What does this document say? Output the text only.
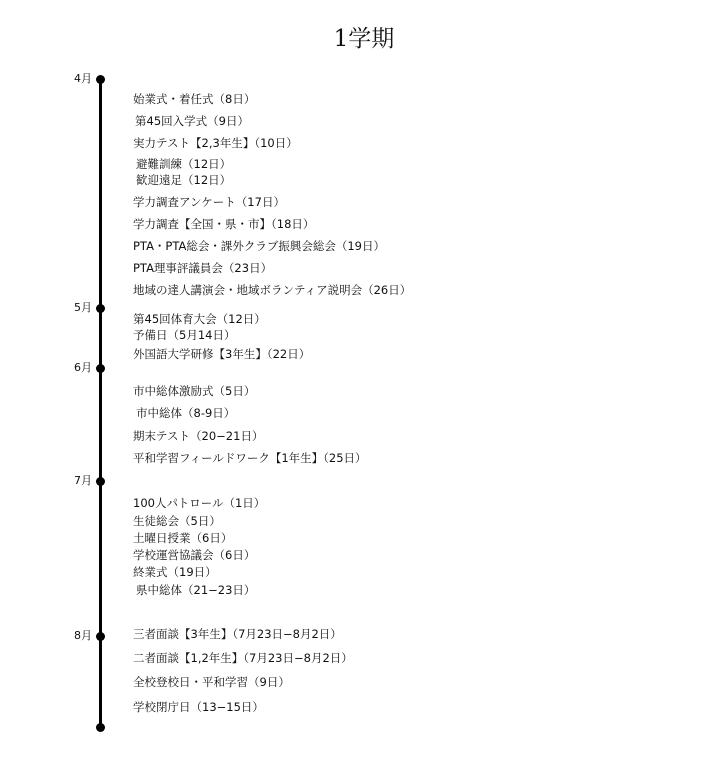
1学期
4月
5月
6月
7月
8月
始業式・着任式（8日）
第45回入学式（9日）
実力テスト【2,3年生】（10日）
避難訓練（12日）
歓迎遠足（12日）
学力調査アンケート（17日）
学力調査【全国・県・市】（18日）
PTA・PTA総会・課外クラブ振興会総会（19日）
PTA理事評議員会（23日）
地域の達人講演会・地域ボランティア説明会（26日）
第45回体育大会（12日）
予備日（5月14日）
外国語大学研修【3年生】（22日）
市中総体激励式（5日）
市中総体（8-9日）
期末テスト（20−21日）
平和学習フィールドワーク【1年生】（25日）
100人パトロール（1日）
生徒総会（5日）
土曜日授業（6日）
学校運営協議会（6日）
終業式（19日）
県中総体（21−23日）
三者面談【3年生】（7月23日−8月2日）
二者面談【1,2年生】（7月23日−8月2日）
全校登校日・平和学習（9日）
学校閉庁日（13−15日）
